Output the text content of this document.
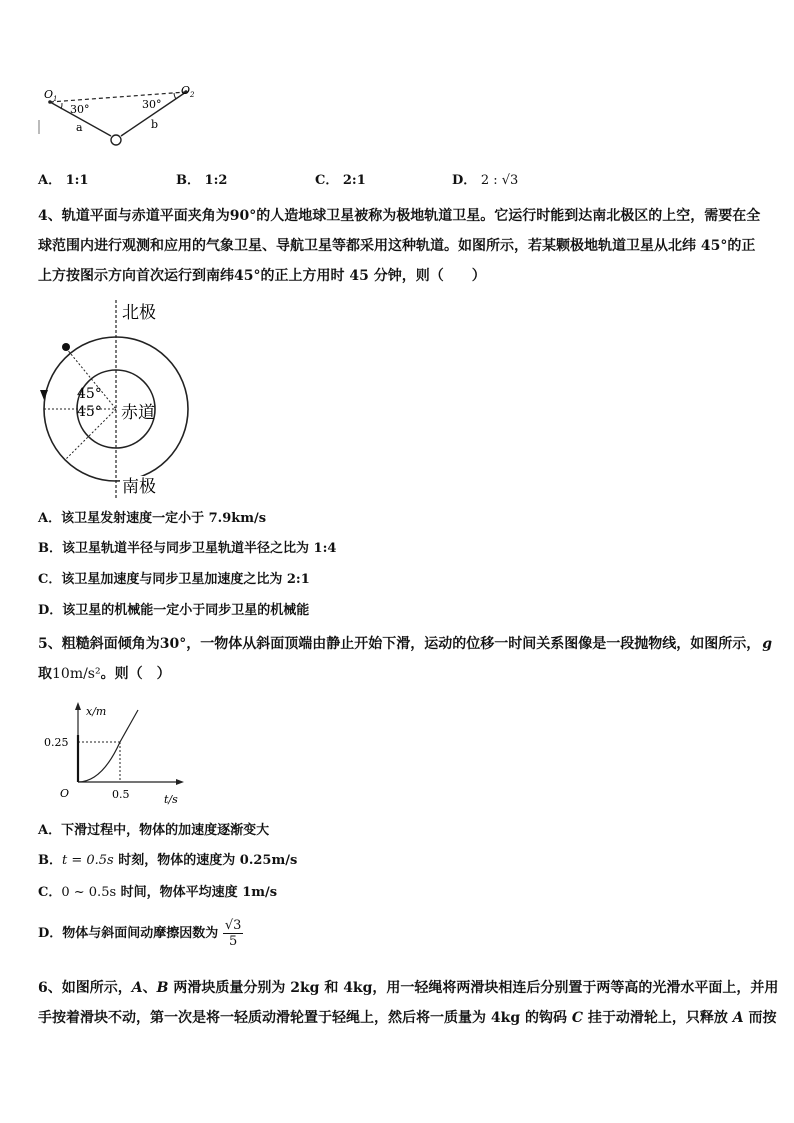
$O_1$
$O_2$
30°	30°
a	b
A． 1:1	B． 1:2	C． 2:1	D． 2 : √3
4、轨道平面与赤道平面夹角为90°的人造地球卫星被称为极地轨道卫星。它运行时能到达南北极区的上空，需要在全
球范围内进行观测和应用的气象卫星、导航卫星等都采用这种轨道。如图所示，若某颗极地轨道卫星从北纬 45°的正
上方按图示方向首次运行到南纬45°的正上方用时 45 分钟，则（　　）
北极
南极
赤道
45°
45°
A．该卫星发射速度一定小于 7.9km/s
B．该卫星轨道半径与同步卫星轨道半径之比为 1:4
C．该卫星加速度与同步卫星加速度之比为 2:1
D．该卫星的机械能一定小于同步卫星的机械能
5、粗糙斜面倾角为30°，一物体从斜面顶端由静止开始下滑，运动的位移一时间关系图像是一段抛物线，如图所示， g
取10m/s²。则（　）
x/m
0.25
O	0.5	t/s
A．下滑过程中，物体的加速度逐渐变大
B．t = 0.5s 时刻，物体的速度为 0.25m/s
C．0 ~ 0.5s 时间，物体平均速度 1m/s
D．物体与斜面间动摩擦因数为 $\frac{√3}{5}$
6、如图所示，A、B 两滑块质量分别为 2kg 和 4kg，用一轻绳将两滑块相连后分别置于两等高的光滑水平面上，并用
手按着滑块不动，第一次是将一轻质动滑轮置于轻绳上，然后将一质量为 4kg 的钩码 C 挂于动滑轮上，只释放 A 而按
